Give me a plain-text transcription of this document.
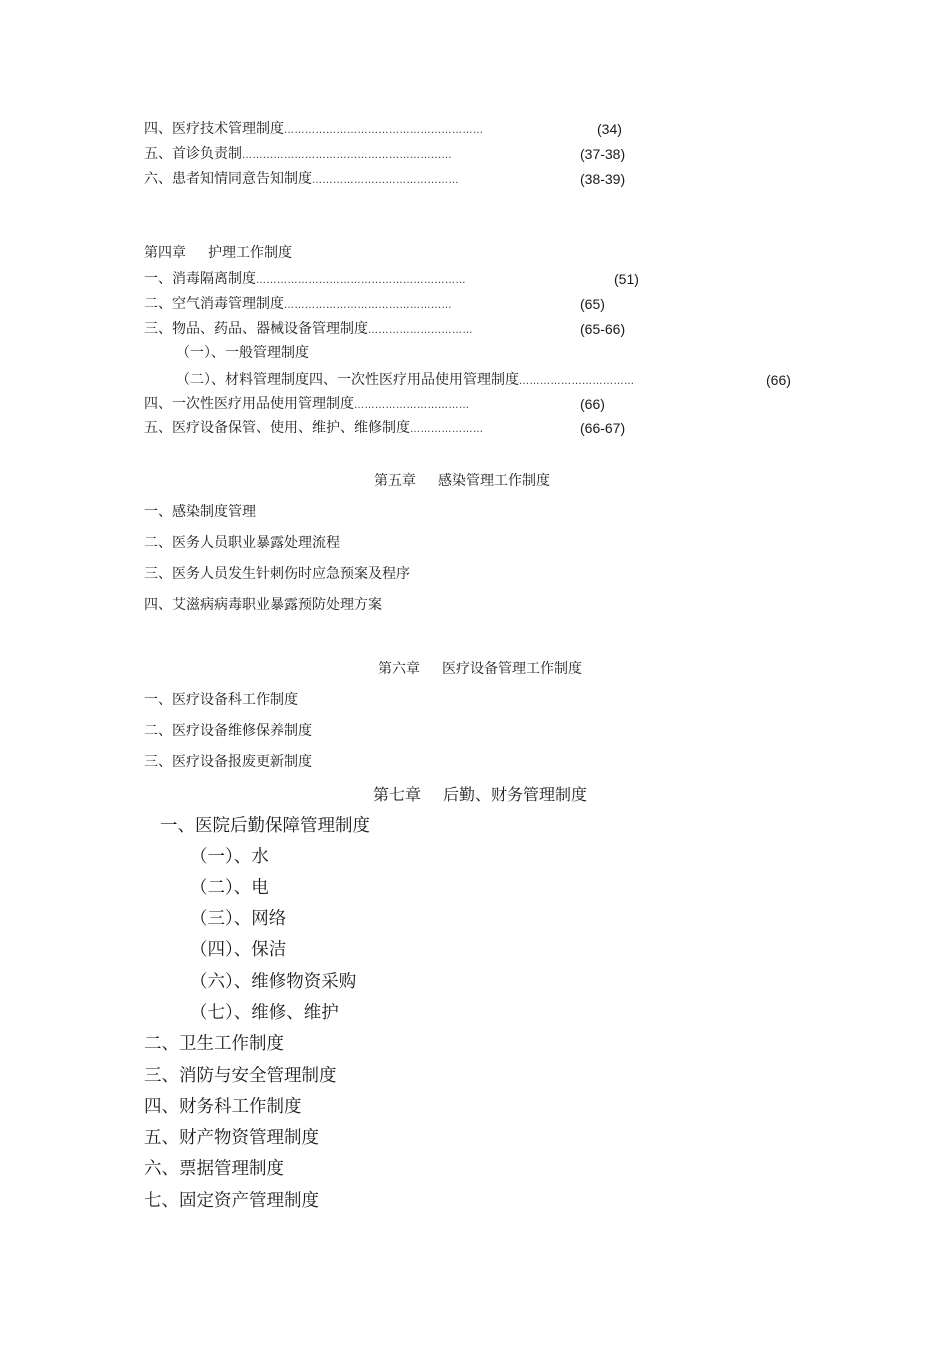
四、医疗技术管理制度…………………………………………………	(34)
五、首诊负责制……………………………………………………	(37-38)
六、患者知情同意告知制度……………………………………	(38-39)
第四章 护理工作制度
一、消毒隔离制度……………………………………………………	(51)
二、空气消毒管理制度…………………………………………	(65)
三、物品、药品、器械设备管理制度…………………………	(65-66)
（一）、一般管理制度
（二）、材料管理制度四、一次性医疗用品使用管理制度……………………………	(66)
四、一次性医疗用品使用管理制度……………………………	(66)
五、医疗设备保管、使用、维护、维修制度…………………	(66-67)
第五章 感染管理工作制度
一、感染制度管理
二、医务人员职业暴露处理流程
三、医务人员发生针刺伤时应急预案及程序
四、艾滋病病毒职业暴露预防处理方案
第六章 医疗设备管理工作制度
一、医疗设备科工作制度
二、医疗设备维修保养制度
三、医疗设备报废更新制度
第七章 后勤、财务管理制度
一、医院后勤保障管理制度
（一）、水
（二）、电
（三）、网络
（四）、保洁
（六）、维修物资采购
（七）、维修、维护
二、卫生工作制度
三、消防与安全管理制度
四、财务科工作制度
五、财产物资管理制度
六、票据管理制度
七、固定资产管理制度
